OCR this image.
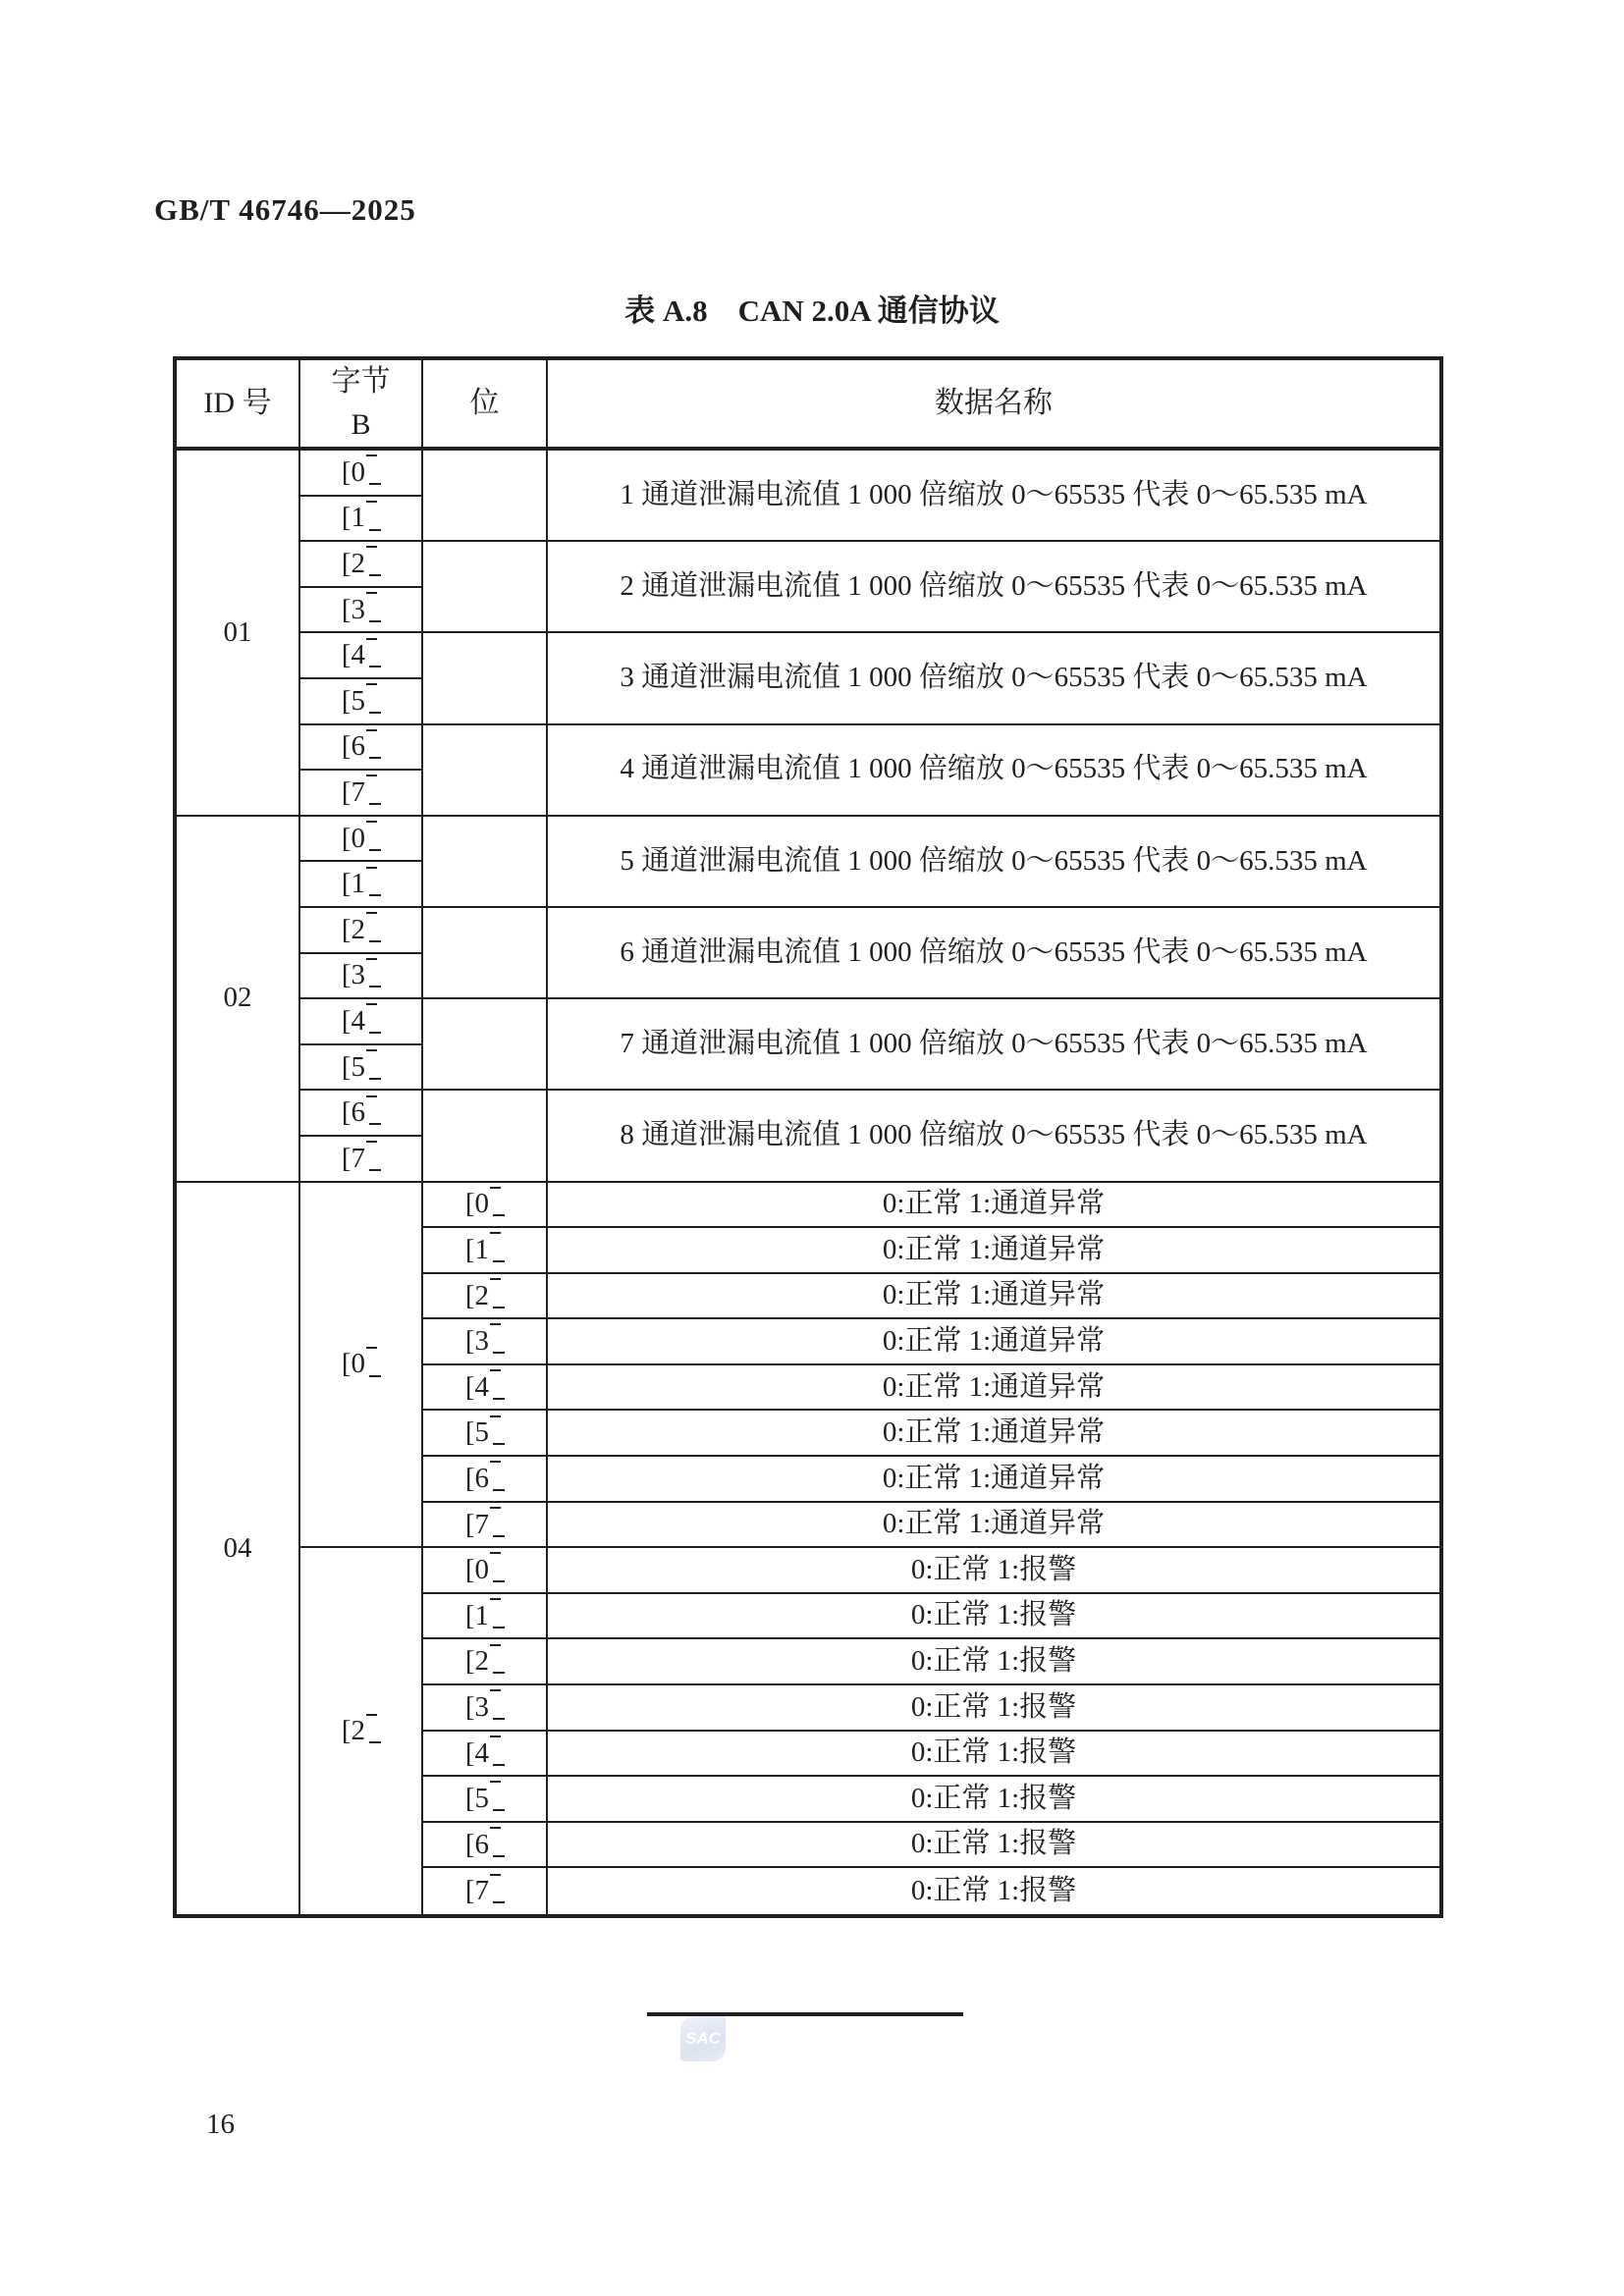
GB/T 46746—2025
表 A.8　CAN 2.0A 通信协议
ID 号
字节
B
位	数据名称
01
[ 0
[ 1
[ 2
[ 3
[ 4
[ 5
[ 6
[ 7
1 通道泄漏电流值 1 000 倍缩放 0～65535 代表 0～65.535 mA
2 通道泄漏电流值 1 000 倍缩放 0～65535 代表 0～65.535 mA
3 通道泄漏电流值 1 000 倍缩放 0～65535 代表 0～65.535 mA
4 通道泄漏电流值 1 000 倍缩放 0～65535 代表 0～65.535 mA
02
[ 0
[ 1
[ 2
[ 3
[ 4
[ 5
[ 6
[ 7
5 通道泄漏电流值 1 000 倍缩放 0～65535 代表 0～65.535 mA
6 通道泄漏电流值 1 000 倍缩放 0～65535 代表 0～65.535 mA
7 通道泄漏电流值 1 000 倍缩放 0～65535 代表 0～65.535 mA
8 通道泄漏电流值 1 000 倍缩放 0～65535 代表 0～65.535 mA
04
[ 0
[ 0
[ 1
[ 2
[ 3
[ 4
[ 5
[ 6
[ 7
0:正常 1:通道异常
0:正常 1:通道异常
0:正常 1:通道异常
0:正常 1:通道异常
0:正常 1:通道异常
0:正常 1:通道异常
0:正常 1:通道异常
0:正常 1:通道异常
[ 2
[ 0
[ 1
[ 2
[ 3
[ 4
[ 5
[ 6
[ 7
0:正常 1:报警
0:正常 1:报警
0:正常 1:报警
0:正常 1:报警
0:正常 1:报警
0:正常 1:报警
0:正常 1:报警
0:正常 1:报警
SAC
16
